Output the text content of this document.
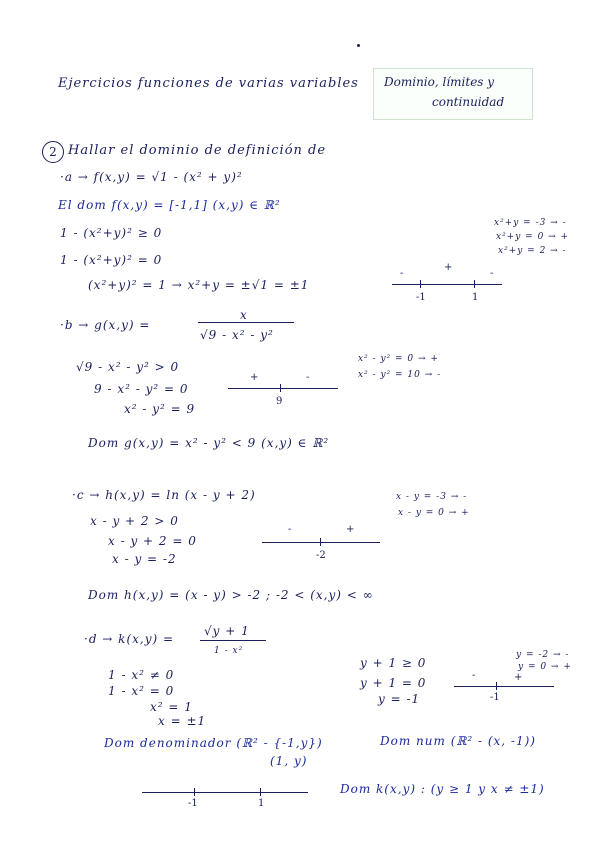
Ejercicios funciones de varias variables Dominio, límites y
continuidad
2 Hallar el dominio de definición de
·a → f(x,y) = √1 - (x² + y)²
El dom f(x,y) = [-1,1] (x,y) ∈ ℝ²
1 - (x²+y)² ≥ 0
1 - (x²+y)² = 0
(x²+y)² = 1 → x²+y = ±√1 = ±1
x²+y = -3 → -
x²+y = 0 → +
x²+y = 2 → -
-
+
-
-1	1
·b → g(x,y) =
x
√9 - x² - y²
√9 - x² - y² > 0
9 - x² - y² = 0
x² - y² = 9
x² - y² = 0 → +
x² - y² = 10 → -
+	-
9
Dom g(x,y) = x² - y² < 9 (x,y) ∈ ℝ²
·c → h(x,y) = ln (x - y + 2)
x - y + 2 > 0
x - y + 2 = 0
x - y = -2
x - y = -3 → -
x - y = 0 → +
-	+
-2
Dom h(x,y) = (x - y) > -2 ; -2 < (x,y) < ∞
·d → k(x,y) =
√y + 1
1 - x²
1 - x² ≠ 0
1 - x² = 0
x² = 1
x = ±1
y + 1 ≥ 0
y + 1 = 0
y = -1
y = -2 → -
y = 0 → +
-	+
-1
Dom denominador (ℝ² - {-1,y})
(1, y)
Dom num (ℝ² - (x, -1))
-1	1
Dom k(x,y) : (y ≥ 1 y x ≠ ±1)
